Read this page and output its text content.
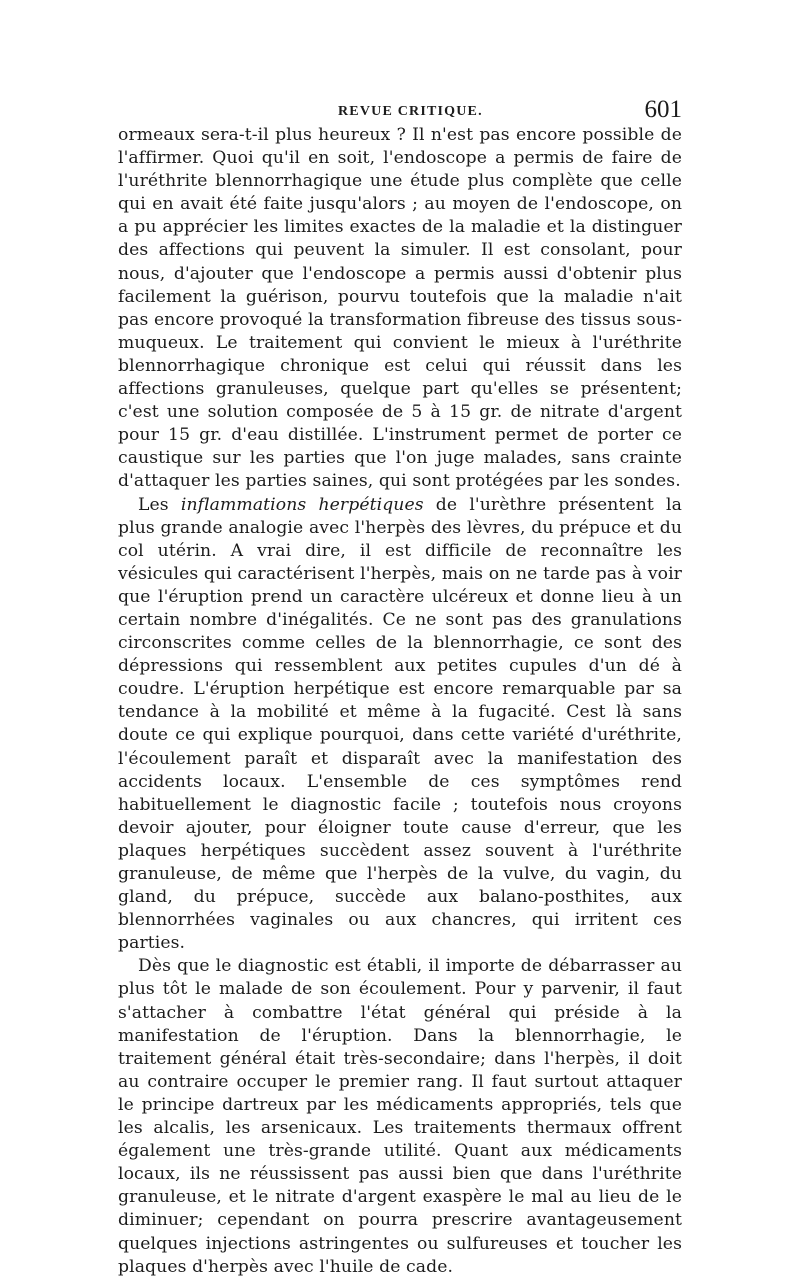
REVUE CRITIQUE.	601

ormeaux sera-t-il plus heureux ? Il n'est pas encore possible de l'affirmer. Quoi qu'il en soit, l'endoscope a permis de faire de l'uréthrite blennorrhagique une étude plus complète que celle qui en avait été faite jusqu'alors ; au moyen de l'endoscope, on a pu apprécier les limites exactes de la maladie et la distinguer des affections qui peuvent la simuler. Il est consolant, pour nous, d'ajouter que l'endoscope a permis aussi d'obtenir plus facilement la guérison, pourvu toutefois que la maladie n'ait pas encore provoqué la transformation fibreuse des tissus sous-muqueux. Le traitement qui convient le mieux à l'uréthrite blennorrhagique chronique est celui qui réussit dans les affections granuleuses, quelque part qu'elles se présentent; c'est une solution composée de 5 à 15 gr. de nitrate d'argent pour 15 gr. d'eau distillée. L'instrument permet de porter ce caustique sur les parties que l'on juge malades, sans crainte d'attaquer les parties saines, qui sont protégées par les sondes.

Les inflammations herpétiques de l'urèthre présentent la plus grande analogie avec l'herpès des lèvres, du prépuce et du col utérin. A vrai dire, il est difficile de reconnaître les vésicules qui caractérisent l'herpès, mais on ne tarde pas à voir que l'éruption prend un caractère ulcéreux et donne lieu à un certain nombre d'inégalités. Ce ne sont pas des granulations circonscrites comme celles de la blennorrhagie, ce sont des dépressions qui ressemblent aux petites cupules d'un dé à coudre. L'éruption herpétique est encore remarquable par sa tendance à la mobilité et même à la fugacité. Cest là sans doute ce qui explique pourquoi, dans cette variété d'uréthrite, l'écoulement paraît et disparaît avec la manifestation des accidents locaux. L'ensemble de ces symptômes rend habituellement le diagnostic facile ; toutefois nous croyons devoir ajouter, pour éloigner toute cause d'erreur, que les plaques herpétiques succèdent assez souvent à l'uréthrite granuleuse, de même que l'herpès de la vulve, du vagin, du gland, du prépuce, succède aux balano-posthites, aux blennorrhées vaginales ou aux chancres, qui irritent ces parties.

Dès que le diagnostic est établi, il importe de débarrasser au plus tôt le malade de son écoulement. Pour y parvenir, il faut s'attacher à combattre l'état général qui préside à la manifestation de l'éruption. Dans la blennorrhagie, le traitement général était très-secondaire; dans l'herpès, il doit au contraire occuper le premier rang. Il faut surtout attaquer le principe dartreux par les médicaments appropriés, tels que les alcalis, les arsenicaux. Les traitements thermaux offrent également une très-grande utilité. Quant aux médicaments locaux, ils ne réussissent pas aussi bien que dans l'uréthrite granuleuse, et le nitrate d'argent exaspère le mal au lieu de le diminuer; cependant on pourra prescrire avantageusement quelques injections astringentes ou sulfureuses et toucher les plaques d'herpès avec l'huile de cade.
